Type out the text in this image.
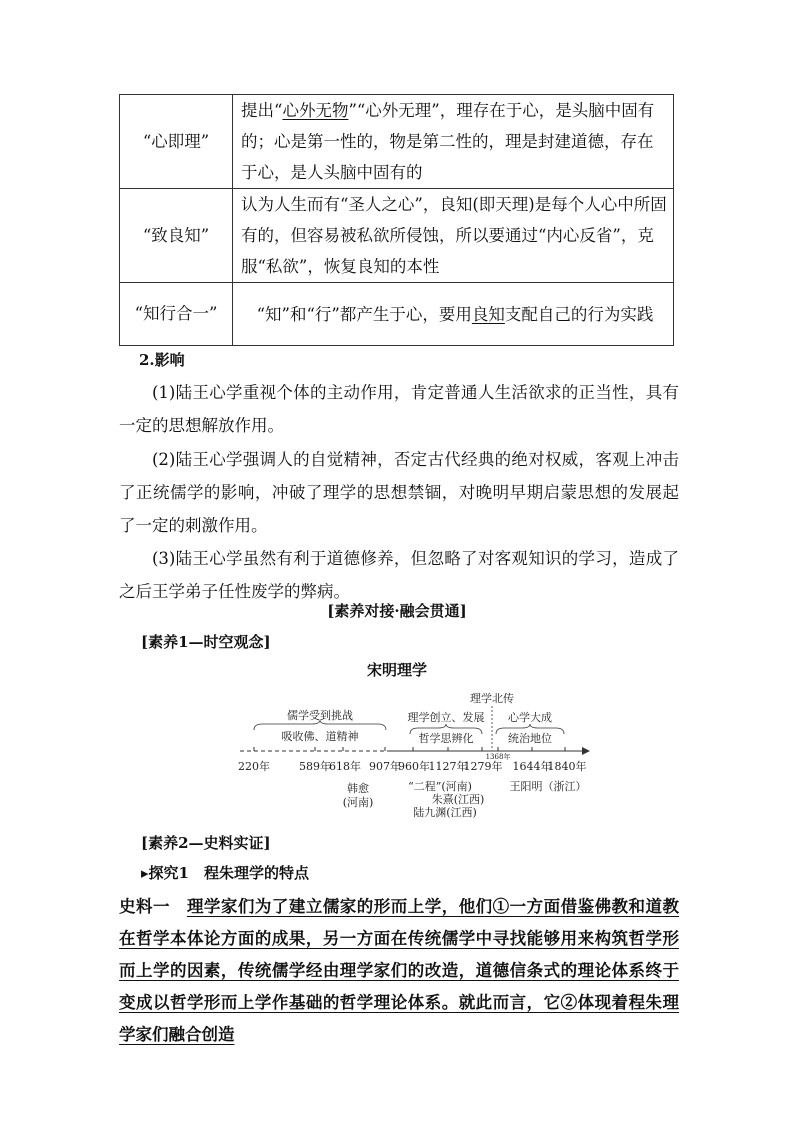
“心即理”	提出“心外无物”“心外无理”，理存在于心，是头脑中固有的；心是第一性的，物是第二性的，理是封建道德，存在于心，是人头脑中固有的
“致良知”	认为人生而有“圣人之心”，良知(即天理)是每个人心中所固有的，但容易被私欲所侵蚀，所以要通过“内心反省”，克服“私欲”，恢复良知的本性
“知行合一”	“知”和“行”都产生于心，要用良知支配自己的行为实践
2.影响
(1)陆王心学重视个体的主动作用，肯定普通人生活欲求的正当性，具有一定的思想解放作用。
(2)陆王心学强调人的自觉精神，否定古代经典的绝对权威，客观上冲击了正统儒学的影响，冲破了理学的思想禁锢，对晚明早期启蒙思想的发展起了一定的刺激作用。
(3)陆王心学虽然有利于道德修养，但忽略了对客观知识的学习，造成了之后王学弟子任性废学的弊病。
[素养对接·融会贯通]
[素养1—时空观念]
宋明理学
理学北传
儒学受到挑战
吸收佛、道精神
理学创立、发展
哲学思辨化
心学大成
统治地位
1368年
220年	589年
618年 907年
960年
1127年
1279年 1644年
1840年
韩愈
(河南)
“二程”(河南)
朱熹(江西)
陆九渊(江西)
王阳明（浙江）
[素养2—史料实证]
▸探究1　程朱理学的特点
史料一　 理学家们为了建立儒家的形而上学，他们①一方面借鉴佛教和道教在哲学本体论方面的成果，另一方面在传统儒学中寻找能够用来构筑哲学形而上学的因素，传统儒学经由理学家们的改造，道德信条式的理论体系终于变成以哲学形而上学作基础的哲学理论体系。就此而言，它②体现着程朱理学家们融合创造
